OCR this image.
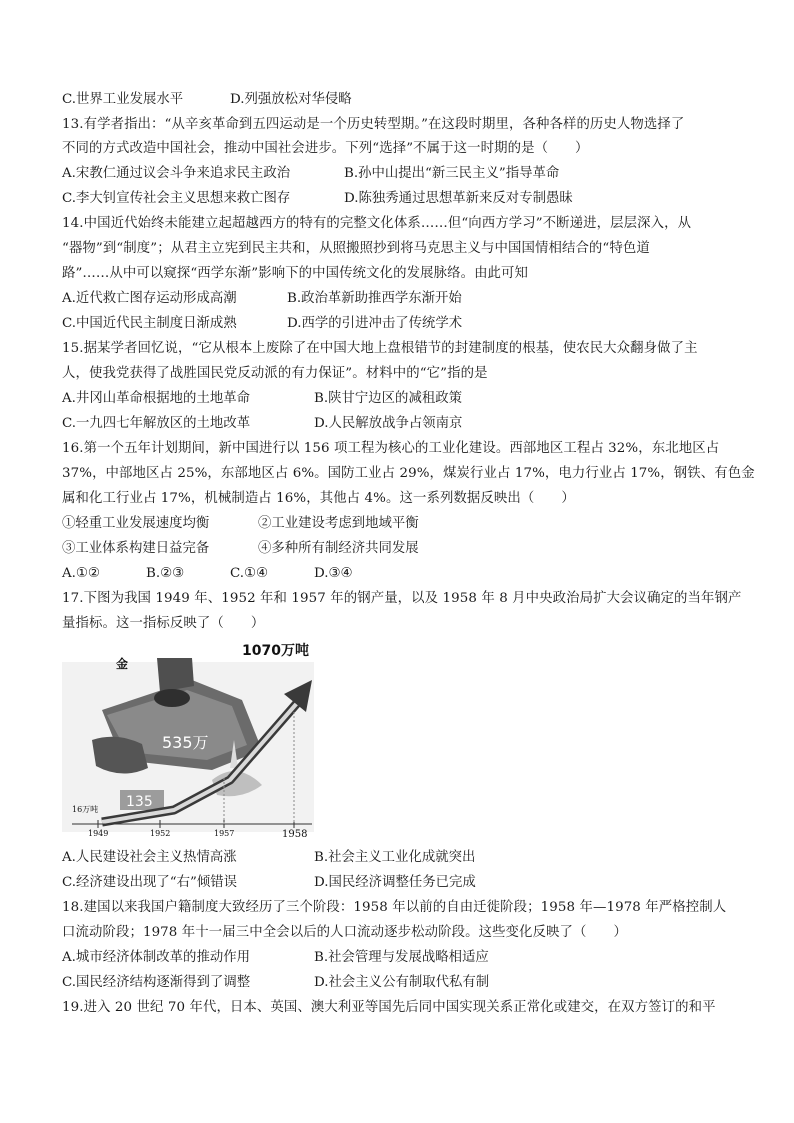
C.世界工业发展水平	D.列强放松对华侵略
13.有学者指出：“从辛亥革命到五四运动是一个历史转型期。”在这段时期里，各种各样的历史人物选择了
不同的方式改造中国社会，推动中国社会进步。下列“选择”不属于这一时期的是（　　）
A.宋教仁通过议会斗争来追求民主政治	B.孙中山提出“新三民主义”指导革命
C.李大钊宣传社会主义思想来救亡图存	D.陈独秀通过思想革新来反对专制愚昧
14.中国近代始终未能建立起超越西方的特有的完整文化体系……但“向西方学习”不断递进，层层深入，从
“器物”到“制度”；从君主立宪到民主共和，从照搬照抄到将马克思主义与中国国情相结合的“特色道
路”……从中可以窥探“西学东渐”影响下的中国传统文化的发展脉络。由此可知
A.近代救亡图存运动形成高潮	B.政治革新助推西学东渐开始
C.中国近代民主制度日渐成熟	D.西学的引进冲击了传统学术
15.据某学者回忆说，“它从根本上废除了在中国大地上盘根错节的封建制度的根基，使农民大众翻身做了主
人，使我党获得了战胜国民党反动派的有力保证”。材料中的“它”指的是
A.井冈山革命根据地的土地革命	B.陕甘宁边区的减租政策
C.一九四七年解放区的土地改革	D.人民解放战争占领南京
16.第一个五年计划期间，新中国进行以 156 项工程为核心的工业化建设。西部地区工程占 32%，东北地区占
37%，中部地区占 25%，东部地区占 6%。国防工业占 29%，煤炭行业占 17%，电力行业占 17%，钢铁、有色金
属和化工行业占 17%，机械制造占 16%，其他占 4%。这一系列数据反映出（　　）
①轻重工业发展速度均衡	②工业建设考虑到地域平衡
③工业体系构建日益完备	④多种所有制经济共同发展
A.①②	B.②③	C.①④	D.③④
17.下图为我国 1949 年、1952 年和 1957 年的钢产量，以及 1958 年 8 月中央政治局扩大会议确定的当年钢产
量指标。这一指标反映了（　　）
1070万吨
金
535万
135
16万吨
1949	1952	1957	1958
A.人民建设社会主义热情高涨	B.社会主义工业化成就突出
C.经济建设出现了“右”倾错误	D.国民经济调整任务已完成
18.建国以来我国户籍制度大致经历了三个阶段：1958 年以前的自由迁徙阶段；1958 年—1978 年严格控制人
口流动阶段；1978 年十一届三中全会以后的人口流动逐步松动阶段。这些变化反映了（　　）
A.城市经济体制改革的推动作用	B.社会管理与发展战略相适应
C.国民经济结构逐渐得到了调整	D.社会主义公有制取代私有制
19.进入 20 世纪 70 年代，日本、英国、澳大利亚等国先后同中国实现关系正常化或建交，在双方签订的和平
